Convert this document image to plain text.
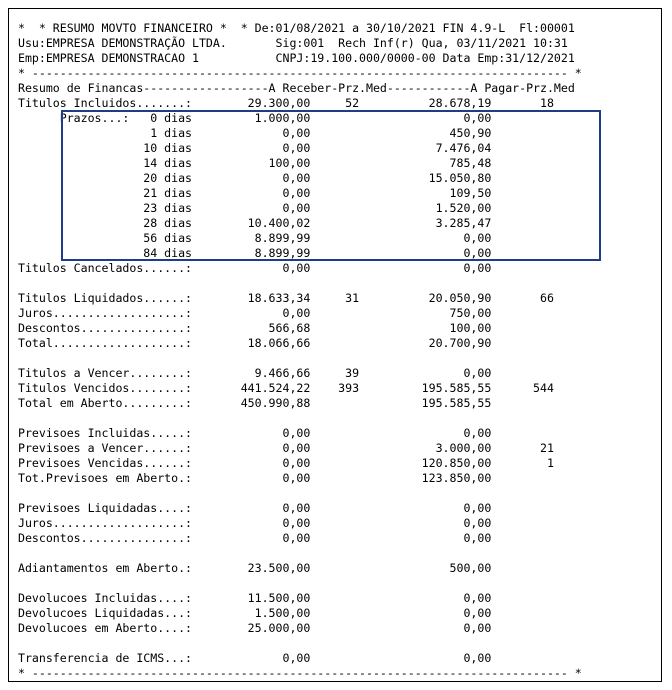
*  * RESUMO MOVTO FINANCEIRO *  * De:01/08/2021 a 30/10/2021 FIN 4.9-L  Fl:00001
Usu:EMPRESA DEMONSTRAÇÃO LTDA.       Sig:001  Rech Inf(r) Qua, 03/11/2021 10:31
Emp:EMPRESA DEMONSTRACAO 1           CNPJ:19.100.000/0000-00 Data Emp:31/12/2021
* ----------------------------------------------------------------------------- *
Resumo de Financas------------------A Receber-Prz.Med------------A Pagar-Prz.Med
Titulos Incluidos.......:        29.300,00     52          28.678,19       18
Prazos...:   0 dias         1.000,00                      0,00
1 dias             0,00                    450,90
10 dias             0,00                  7.476,04
14 dias           100,00                    785,48
20 dias             0,00                 15.050,80
21 dias             0,00                    109,50
23 dias             0,00                  1.520,00
28 dias        10.400,02                  3.285,47
56 dias         8.899,99                      0,00
84 dias         8.899,99                      0,00
Titulos Cancelados......:             0,00                      0,00
Titulos Liquidados......:        18.633,34     31          20.050,90       66
Juros...................:             0,00                    750,00
Descontos...............:           566,68                    100,00
Total...................:        18.066,66                 20.700,90
Titulos a Vencer........:         9.466,66     39               0,00
Titulos Vencidos........:       441.524,22    393         195.585,55      544
Total em Aberto.........:       450.990,88                195.585,55
Previsoes Incluidas.....:             0,00                      0,00
Previsoes a Vencer......:             0,00                  3.000,00       21
Previsoes Vencidas......:             0,00                120.850,00        1
Tot.Previsoes em Aberto.:             0,00                123.850,00
Previsoes Liquidadas....:             0,00                      0,00
Juros...................:             0,00                      0,00
Descontos...............:             0,00                      0,00
Adiantamentos em Aberto.:        23.500,00                    500,00
Devolucoes Incluidas....:        11.500,00                      0,00
Devolucoes Liquidadas...:         1.500,00                      0,00
Devolucoes em Aberto....:        25.000,00                      0,00
Transferencia de ICMS...:             0,00                      0,00
* ----------------------------------------------------------------------------- *
